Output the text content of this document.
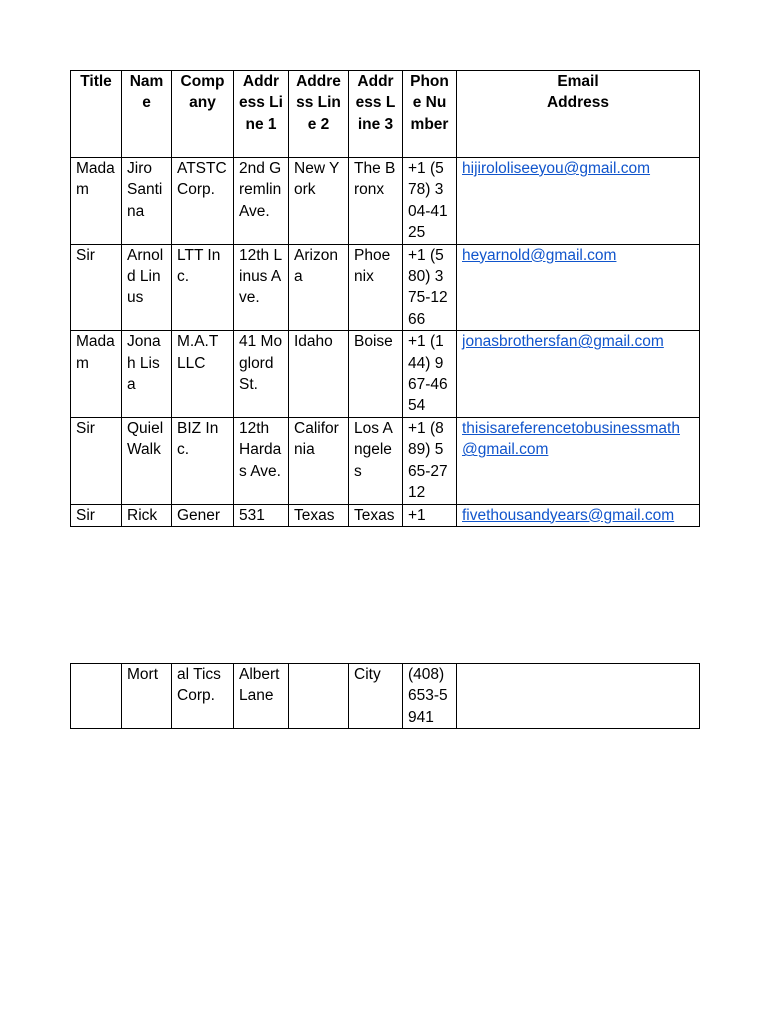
Title	Name	Company	Address Line 1	Address Line 2	Address Line 3	Phone Number	Email
Address
Madam	Jiro Santina	ATSTC Corp.	2nd Gremlin Ave.	New York	The Bronx	+1 (578) 304-4125	hijirololiseeyou@gmail.com
Sir	Arnold Linus	LTT Inc.	12th Linus Ave.	Arizona	Phoenix	+1 (580) 375-1266	heyarnold@gmail.com
Madam	Jonah Lisa	M.A.T LLC	41 Moglord St.	Idaho	Boise	+1 (144) 967-4654	jonasbrothersfan@gmail.com
Sir	Quiel Walk	BIZ Inc.	12th Hardas Ave.	California	Los Angeles	+1 (889) 565-2712	thisisareferencetobusinessmath@gmail.com
Sir	Rick	Gener	531	Texas	Texas	+1	fivethousandyears@gmail.com
	Mort	al Tics Corp.	Albert Lane		City	(408) 653-5941	
